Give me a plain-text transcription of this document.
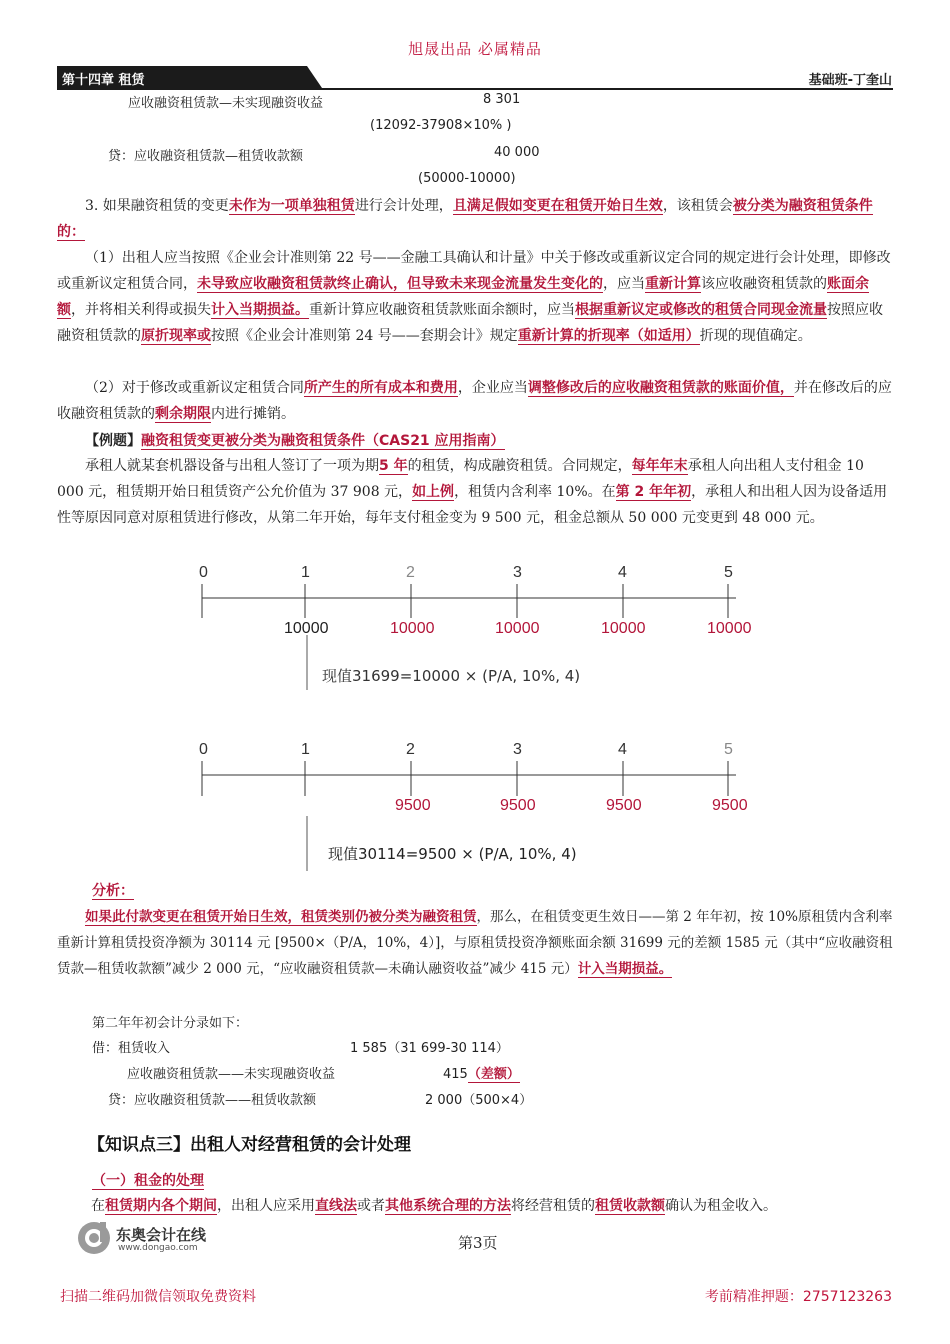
旭晟出品 必属精品
第十四章 租赁	基础班-丁奎山
应收融资租赁款—未实现融资收益	8 301
(12092-37908×10% )
贷：应收融资租赁款—租赁收款额	40 000
(50000-10000)

3. 如果融资租赁的变更未作为一项单独租赁进行会计处理，且满足假如变更在租赁开始日生效，该租赁会被分类为融资租赁条件的：

（1）出租人应当按照《企业会计准则第 22 号——金融工具确认和计量》中关于修改或重新议定合同的规定进行会计处理，即修改或重新议定租赁合同，未导致应收融资租赁款终止确认，但导致未来现金流量发生变化的，应当重新计算该应收融资租赁款的账面余额，并将相关利得或损失计入当期损益。重新计算应收融资租赁款账面余额时，应当根据重新议定或修改的租赁合同现金流量按照应收融资租赁款的原折现率或按照《企业会计准则第 24 号——套期会计》规定重新计算的折现率（如适用）折现的现值确定。

（2）对于修改或重新议定租赁合同所产生的所有成本和费用，企业应当调整修改后的应收融资租赁款的账面价值，并在修改后的应收融资租赁款的剩余期限内进行摊销。

【例题】融资租赁变更被分类为融资租赁条件（CAS21 应用指南）

承租人就某套机器设备与出租人签订了一项为期5 年的租赁，构成融资租赁。合同规定，每年年末承租人向出租人支付租金 10 000 元，租赁期开始日租赁资产公允价值为 37 908 元，如上例，租赁内含利率 10%。在第 2 年年初，承租人和出租人因为设备适用性等原因同意对原租赁进行修改，从第二年开始，每年支付租金变为 9 500 元，租金总额从 50 000 元变更到 48 000 元。

0	1	2	3	4	5
10000	10000	10000	10000	10000
现值31699=10000 × (P/A, 10%, 4)
0	1	2	3	4	5
9500	9500	9500	9500
现值30114=9500 × (P/A, 10%, 4)
分析：

如果此付款变更在租赁开始日生效，租赁类别仍被分类为融资租赁，那么，在租赁变更生效日——第 2 年年初，按 10%原租赁内含利率重新计算租赁投资净额为 30114 元 [9500×（P/A，10%，4）]，与原租赁投资净额账面余额 31699 元的差额 1585 元（其中“应收融资租赁款—租赁收款额”减少 2 000 元，“应收融资租赁款—未确认融资收益”减少 415 元）计入当期损益。

第二年年初会计分录如下：
借：租赁收入	1 585（31 699-30 114）
应收融资租赁款——未实现融资收益	415（差额）
贷：应收融资租赁款——租赁收款额	2 000（500×4）
【知识点三】出租人对经营租赁的会计处理
（一）租金的处理

在租赁期内各个期间，出租人应采用直线法或者其他系统合理的方法将经营租赁的租赁收款额确认为租金收入。

东奥会计在线
www.dongao.com	第3页
扫描二维码加微信领取免费资料	考前精准押题：2757123263
